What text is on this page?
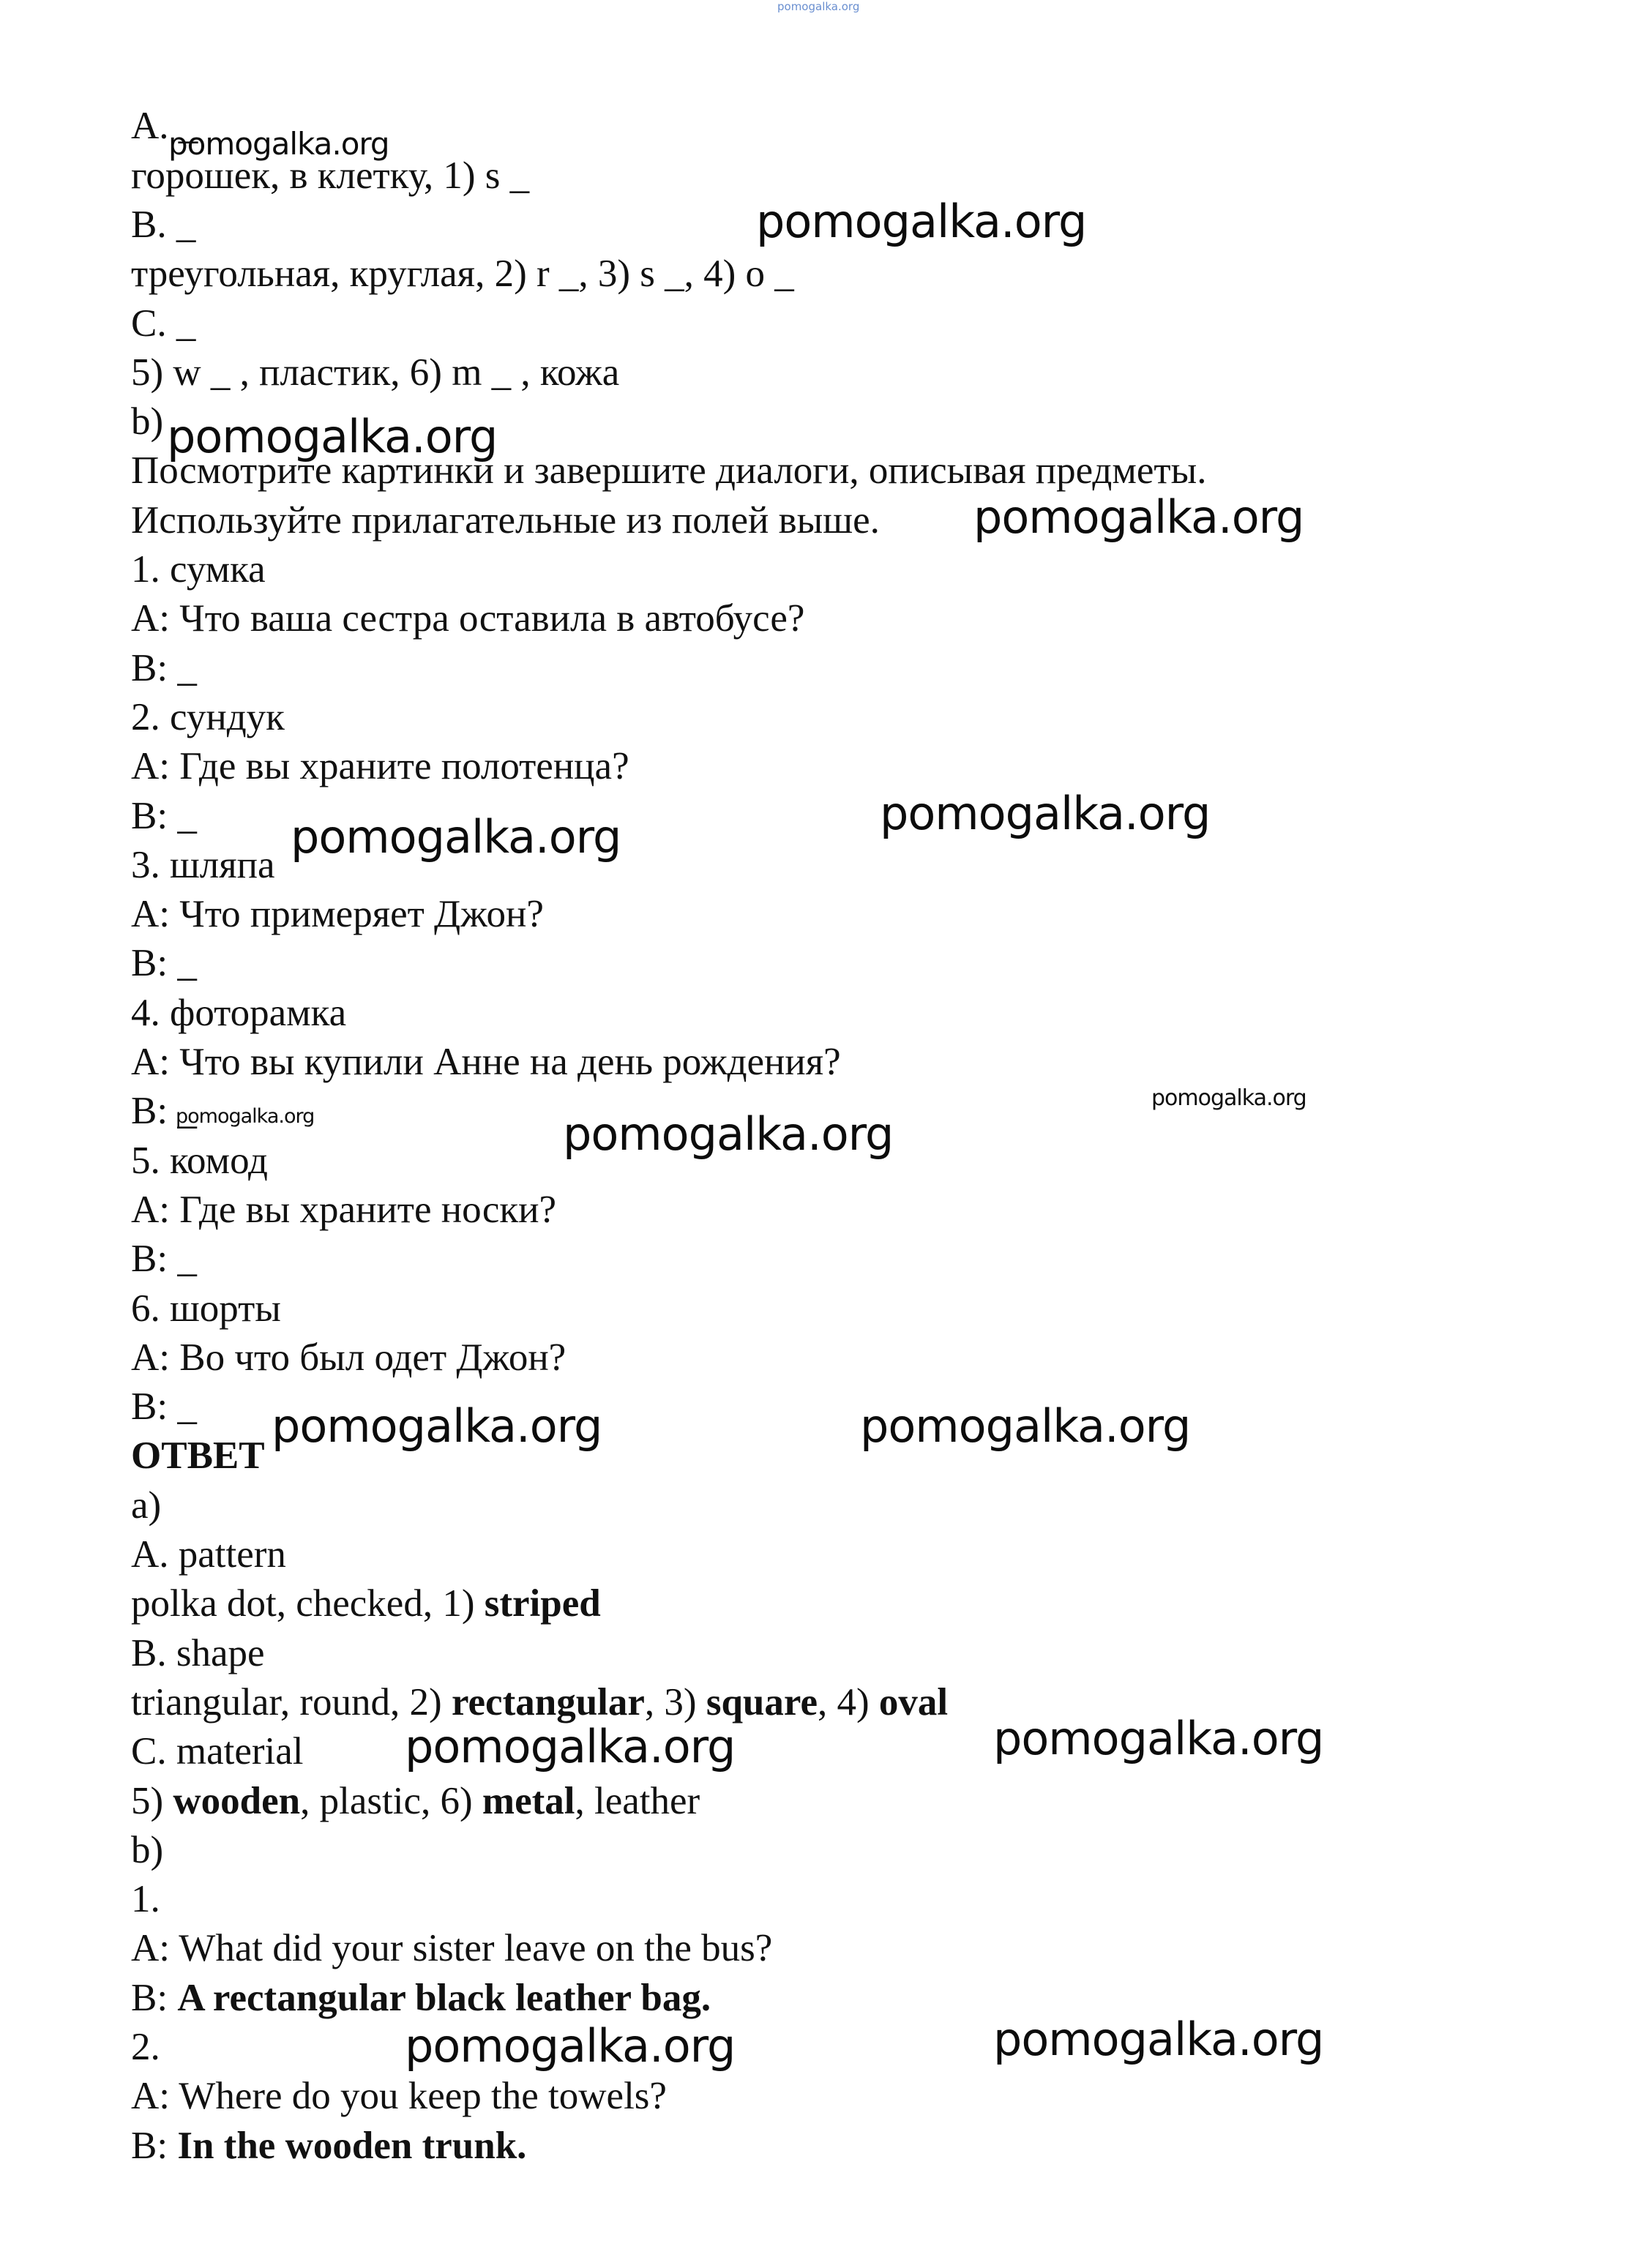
pomogalka.org
A. _
горошек, в клетку, 1) s _
B. _
треугольная, круглая, 2) r _, 3) s _, 4) o _
C. _
5) w _ , пластик, 6) m _ , кожа
b)
Посмотрите картинки и завершите диалоги, описывая предметы.
Используйте прилагательные из полей выше.
1. сумка
A: Что ваша сестра оставила в автобусе?
B: _
2. сундук
A: Где вы храните полотенца?
B: _
3. шляпа
A: Что примеряет Джон?
B: _
4. фоторамка
A: Что вы купили Анне на день рождения?
B: _
5. комод
A: Где вы храните носки?
B: _
6. шорты
A: Во что был одет Джон?
B: _
ОТВЕТ
a)
A. pattern
polka dot, checked, 1) striped
B. shape
triangular, round, 2) rectangular, 3) square, 4) oval
C. material
5) wooden, plastic, 6) metal, leather
b)
1.
A: What did your sister leave on the bus?
B: A rectangular black leather bag.
2.
A: Where do you keep the towels?
B: In the wooden trunk.
pomogalka.org
pomogalka.org
pomogalka.org
pomogalka.org
pomogalka.org
pomogalka.org
pomogalka.org
pomogalka.org	pomogalka.org
pomogalka.org	pomogalka.org
pomogalka.org
pomogalka.org
pomogalka.org
pomogalka.org
